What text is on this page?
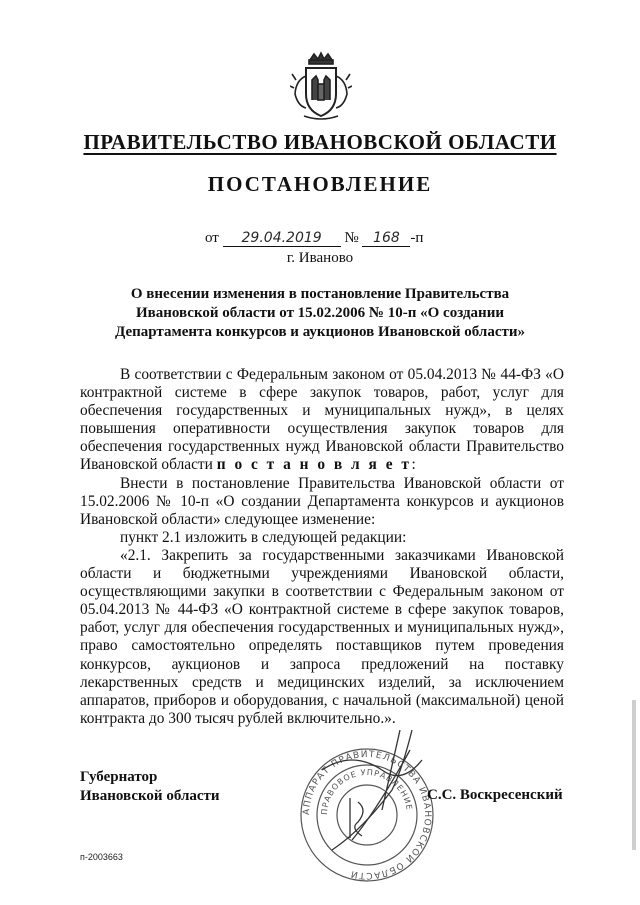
ПРАВИТЕЛЬСТВО ИВАНОВСКОЙ ОБЛАСТИ
ПОСТАНОВЛЕНИЕ
от 29.04.2019 № 168 -п
г. Иваново
О внесении изменения в постановление Правительства
Ивановской области от 15.02.2006 № 10-п «О создании
Департамента конкурсов и аукционов Ивановской области»

В соответствии с Федеральным законом от 05.04.2013 № 44-ФЗ «О контрактной системе в сфере закупок товаров, работ, услуг для обеспечения государственных и муниципальных нужд», в целях повышения оперативности осуществления закупок товаров для обеспечения государственных нужд Ивановской области Правительство Ивановской области п о с т а н о в л я е т:

Внести в постановление Правительства Ивановской области от 15.02.2006 № 10-п «О создании Департамента конкурсов и аукционов Ивановской области» следующее изменение:

пункт 2.1 изложить в следующей редакции:

«2.1. Закрепить за государственными заказчиками Ивановской области и бюджетными учреждениями Ивановской области, осуществляющими закупки в соответствии с Федеральным законом от 05.04.2013 № 44-ФЗ «О контрактной системе в сфере закупок товаров, работ, услуг для обеспечения государственных и муниципальных нужд», право самостоятельно определять поставщиков путем проведения конкурсов, аукционов и запроса предложений на поставку лекарственных средств и медицинских изделий, за исключением аппаратов, приборов и оборудования, с начальной (максимальной) ценой контракта до 300 тысяч рублей включительно.».

АППАРАТ ПРАВИТЕЛЬСТВА ИВАНОВСКОЙ ОБЛАСТИ
ПРАВОВОЕ УПРАВЛЕНИЕ
Губернатор
Ивановской области	С.С. Воскресенский
п-2003663
